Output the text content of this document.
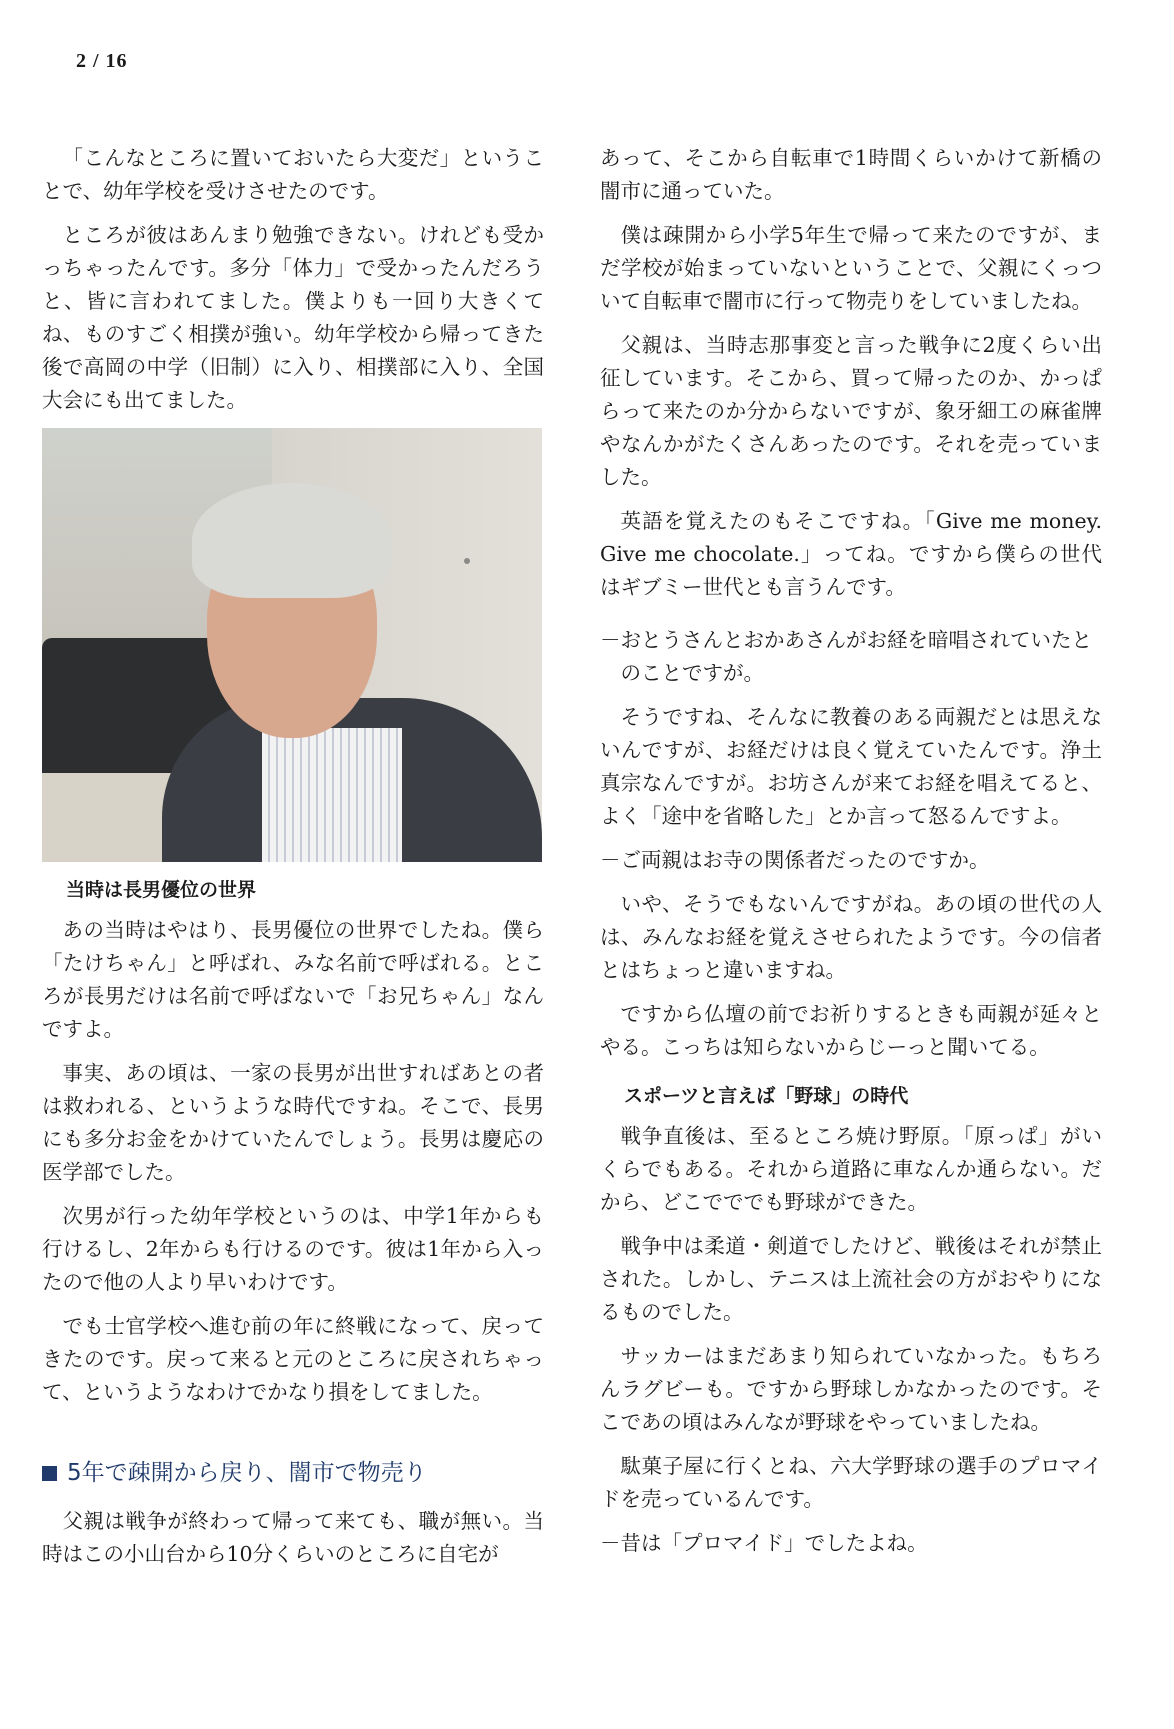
2 / 16

「こんなところに置いておいたら大変だ」ということで、幼年学校を受けさせたのです。

ところが彼はあんまり勉強できない。けれども受かっちゃったんです。多分「体力」で受かったんだろうと、皆に言われてました。僕よりも一回り大きくてね、ものすごく相撲が強い。幼年学校から帰ってきた後で高岡の中学（旧制）に入り、相撲部に入り、全国大会にも出てました。

当時は長男優位の世界

あの当時はやはり、長男優位の世界でしたね。僕ら「たけちゃん」と呼ばれ、みな名前で呼ばれる。ところが長男だけは名前で呼ばないで「お兄ちゃん」なんですよ。

事実、あの頃は、一家の長男が出世すればあとの者は救われる、というような時代ですね。そこで、長男にも多分お金をかけていたんでしょう。長男は慶応の医学部でした。

次男が行った幼年学校というのは、中学1年からも行けるし、2年からも行けるのです。彼は1年から入ったので他の人より早いわけです。

でも士官学校へ進む前の年に終戦になって、戻ってきたのです。戻って来ると元のところに戻されちゃって、というようなわけでかなり損をしてました。

5年で疎開から戻り、闇市で物売り

父親は戦争が終わって帰って来ても、職が無い。当時はこの小山台から10分くらいのところに自宅が

あって、そこから自転車で1時間くらいかけて新橋の闇市に通っていた。

僕は疎開から小学5年生で帰って来たのですが、まだ学校が始まっていないということで、父親にくっついて自転車で闇市に行って物売りをしていましたね。

父親は、当時志那事変と言った戦争に2度くらい出征しています。そこから、買って帰ったのか、かっぱらって来たのか分からないですが、象牙細工の麻雀牌やなんかがたくさんあったのです。それを売っていました。

英語を覚えたのもそこですね。「Give me money. Give me chocolate.」ってね。ですから僕らの世代はギブミー世代とも言うんです。

－おとうさんとおかあさんがお経を暗唱されていたとのことですが。

そうですね、そんなに教養のある両親だとは思えないんですが、お経だけは良く覚えていたんです。浄土真宗なんですが。お坊さんが来てお経を唱えてると、よく「途中を省略した」とか言って怒るんですよ。

－ご両親はお寺の関係者だったのですか。

いや、そうでもないんですがね。あの頃の世代の人は、みんなお経を覚えさせられたようです。今の信者とはちょっと違いますね。

ですから仏壇の前でお祈りするときも両親が延々とやる。こっちは知らないからじーっと聞いてる。

スポーツと言えば「野球」の時代

戦争直後は、至るところ焼け野原。「原っぱ」がいくらでもある。それから道路に車なんか通らない。だから、どこでででも野球ができた。

戦争中は柔道・剣道でしたけど、戦後はそれが禁止された。しかし、テニスは上流社会の方がおやりになるものでした。

サッカーはまだあまり知られていなかった。もちろんラグビーも。ですから野球しかなかったのです。そこであの頃はみんなが野球をやっていましたね。

駄菓子屋に行くとね、六大学野球の選手のプロマイドを売っているんです。

－昔は「プロマイド」でしたよね。
